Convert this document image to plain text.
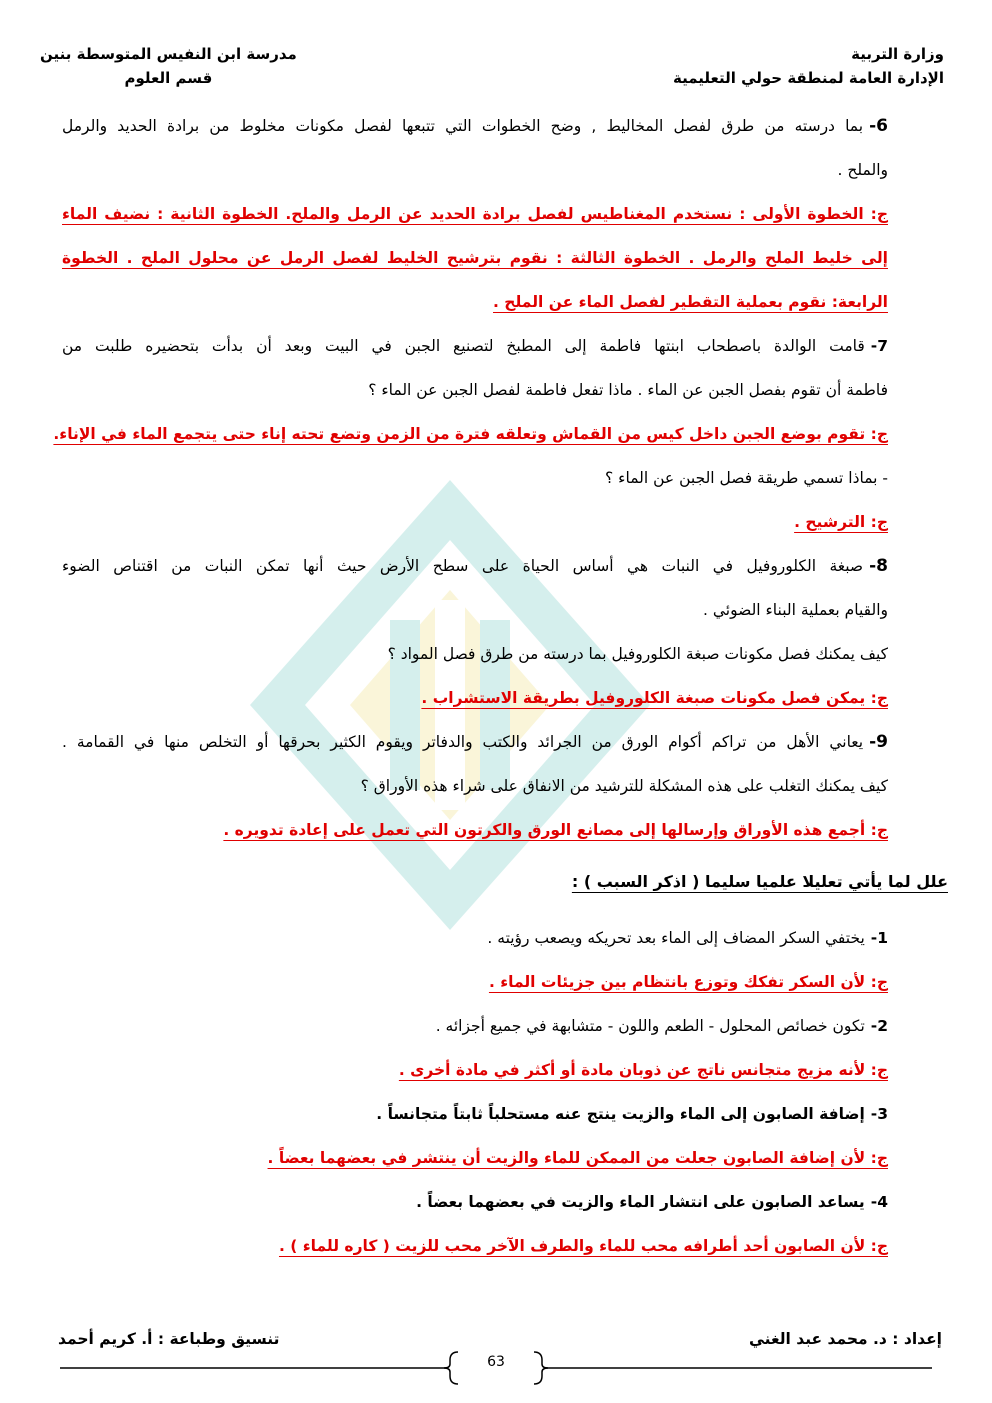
وزارة التربية
الإدارة العامة لمنطقة حولي التعليمية
مدرسة ابن النفيس المتوسطة بنين
قسم العلوم
6-بما درسته من طرق لفصل المخاليط , وضح الخطوات التي تتبعها لفصل مكونات مخلوط من برادة الحديد والرمل
والملح .
ج: الخطوة الأولى : نستخدم المغناطيس لفصل برادة الحديد عن الرمل والملح. الخطوة الثانية : نضيف الماء
إلى خليط الملح والرمل . الخطوة الثالثة : نقوم بترشيح الخليط لفصل الرمل عن محلول الملح . الخطوة
الرابعة: نقوم بعملية التقطير لفصل الماء عن الملح .
7-قامت الوالدة باصطحاب ابنتها فاطمة إلى المطبخ لتصنيع الجبن في البيت وبعد أن بدأت بتحضيره طلبت من
فاطمة أن تقوم بفصل الجبن عن الماء . ماذا تفعل فاطمة لفصل الجبن عن الماء ؟
ج: تقوم بوضع الجبن داخل كيس من القماش وتعلقه فترة من الزمن وتضع تحته إناء حتى يتجمع الماء في الإناء.
- بماذا تسمي طريقة فصل الجبن عن الماء ؟
ج: الترشيح .
8-صبغة الكلوروفيل في النبات هي أساس الحياة على سطح الأرض حيث أنها تمكن النبات من اقتناص الضوء
والقيام بعملية البناء الضوئي .
كيف يمكنك فصل مكونات صبغة الكلوروفيل بما درسته من طرق فصل المواد ؟
ج: يمكن فصل مكونات صبغة الكلوروفيل بطريقة الاستشراب .
9-يعاني الأهل من تراكم أكوام الورق من الجرائد والكتب والدفاتر ويقوم الكثير بحرقها أو التخلص منها في القمامة .
كيف يمكنك التغلب على هذه المشكلة للترشيد من الانفاق على شراء هذه الأوراق ؟
ج: أجمع هذه الأوراق وإرسالها إلى مصانع الورق والكرتون التي تعمل على إعادة تدويره .
علل لما يأتي تعليلا علميا سليما ( اذكر السبب ) :
1-يختفي السكر المضاف إلى الماء بعد تحريكه ويصعب رؤيته .
ج: لأن السكر تفكك وتوزع بانتظام بين جزيئات الماء .
2-تكون خصائص المحلول - الطعم واللون - متشابهة في جميع أجزائه .
ج: لأنه مزيج متجانس ناتج عن ذوبان مادة أو أكثر في مادة أخرى .
3-إضافة الصابون إلى الماء والزيت ينتج عنه مستحلباً ثابتاً متجانساً .
ج: لأن إضافة الصابون جعلت من الممكن للماء والزيت أن ينتشر في بعضهما بعضاً .
4-يساعد الصابون على انتشار الماء والزيت في بعضهما بعضاً .
ج: لأن الصابون أحد أطرافه محب للماء والطرف الآخر محب للزيت ( كاره للماء ) .
إعداد : د. محمد عبد الغني
تنسيق وطباعة : أ. كريم أحمد
63
